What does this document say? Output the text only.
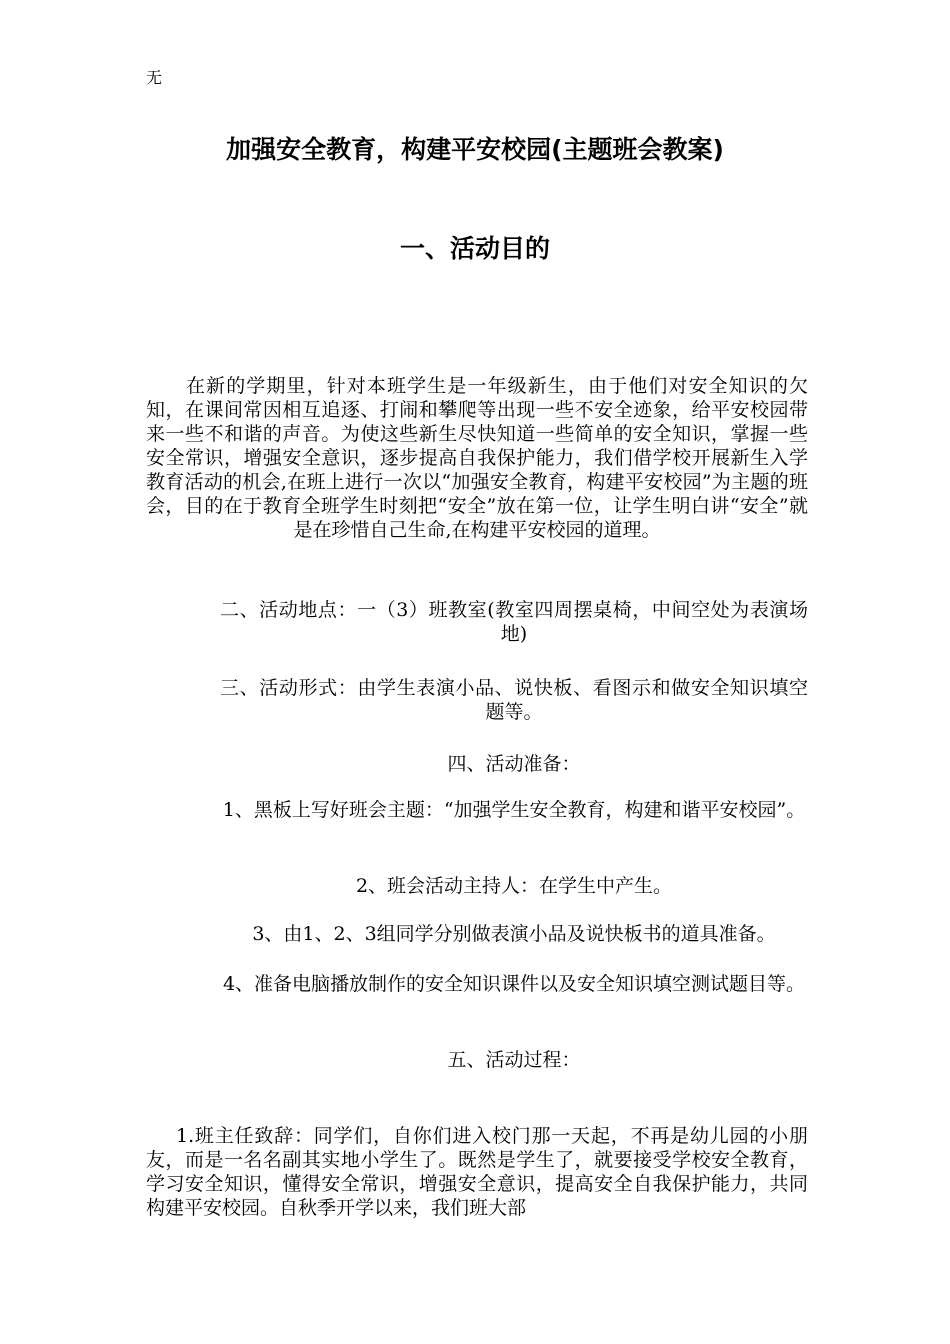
无
加强安全教育，构建平安校园(主题班会教案)
一、活动目的

在新的学期里，针对本班学生是一年级新生，由于他们对安全知识的欠知，在课间常因相互追逐、打闹和攀爬等出现一些不安全迹象，给平安校园带来一些不和谐的声音。为使这些新生尽快知道一些简单的安全知识，掌握一些安全常识，增强安全意识，逐步提高自我保护能力，我们借学校开展新生入学教育活动的机会,在班上进行一次以“加强安全教育，构建平安校园”为主题的班会，目的在于教育全班学生时刻把“安全”放在第一位，让学生明白讲“安全”就是在珍惜自己生命,在构建平安校园的道理。

二、活动地点：一（3）班教室(教室四周摆桌椅，中间空处为表演场地)

三、活动形式：由学生表演小品、说快板、看图示和做安全知识填空题等。

四、活动准备：

1、黑板上写好班会主题：“加强学生安全教育，构建和谐平安校园”。

2、班会活动主持人：在学生中产生。

3、由1、2、3组同学分别做表演小品及说快板书的道具准备。

4、准备电脑播放制作的安全知识课件以及安全知识填空测试题目等。

五、活动过程：

1.班主任致辞：同学们，自你们进入校门那一天起，不再是幼儿园的小朋友，而是一名名副其实地小学生了。既然是学生了，就要接受学校安全教育，学习安全知识，懂得安全常识，增强安全意识，提高安全自我保护能力，共同构建平安校园。自秋季开学以来，我们班大部
